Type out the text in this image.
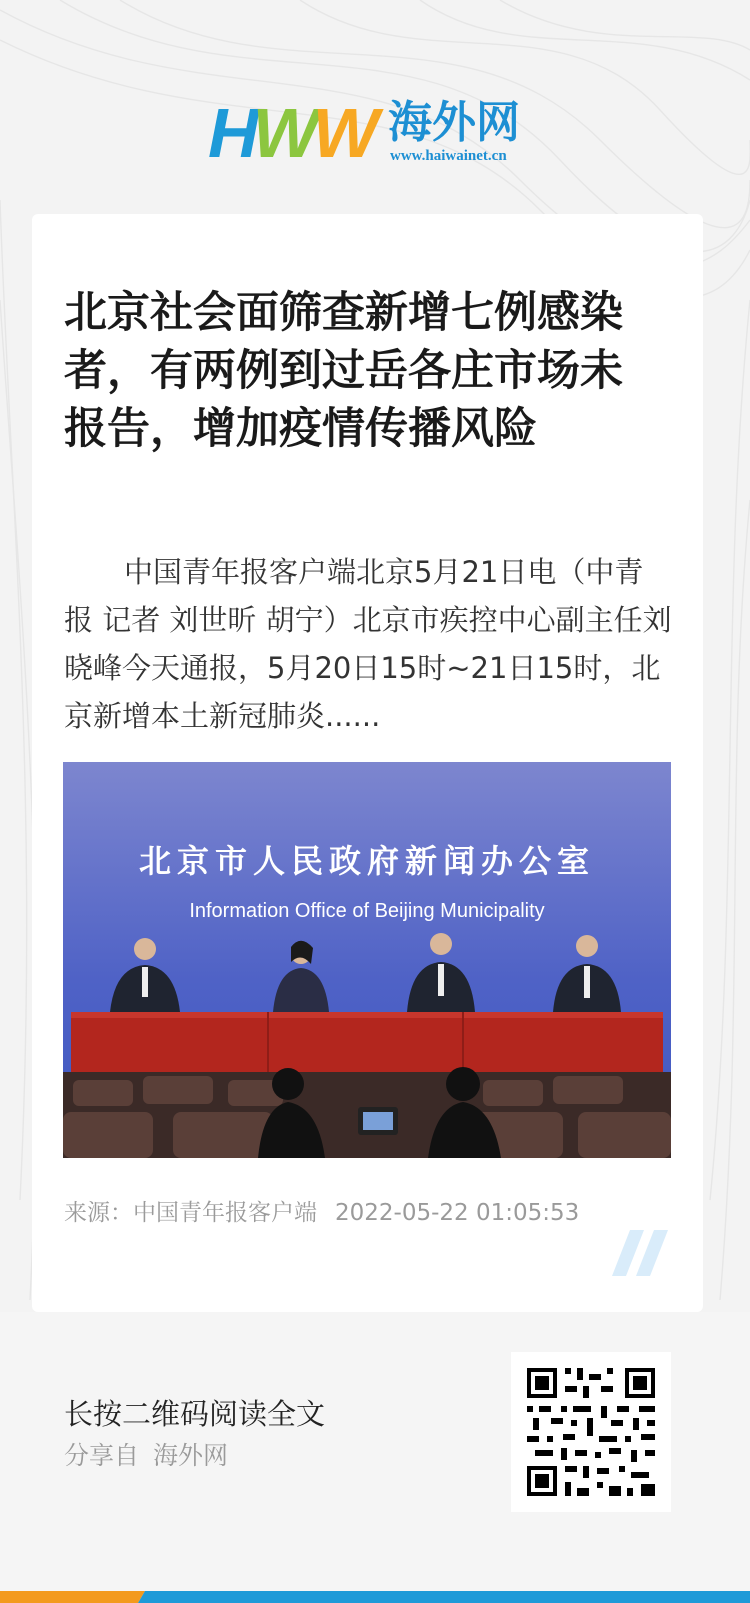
HWW 海外网
www.haiwainet.cn
北京社会面筛查新增七例感染者，有两例到过岳各庄市场未报告，增加疫情传播风险

中国青年报客户端北京5月21日电（中青报 记者 刘世昕 胡宁）北京市疾控中心副主任刘晓峰今天通报，5月20日15时~21日15时，北京新增本土新冠肺炎......

北京市人民政府新闻办公室
Information Office of Beijing Municipality
来源：中国青年报客户端 2022-05-22 01:05:53
长按二维码阅读全文
分享自 海外网
